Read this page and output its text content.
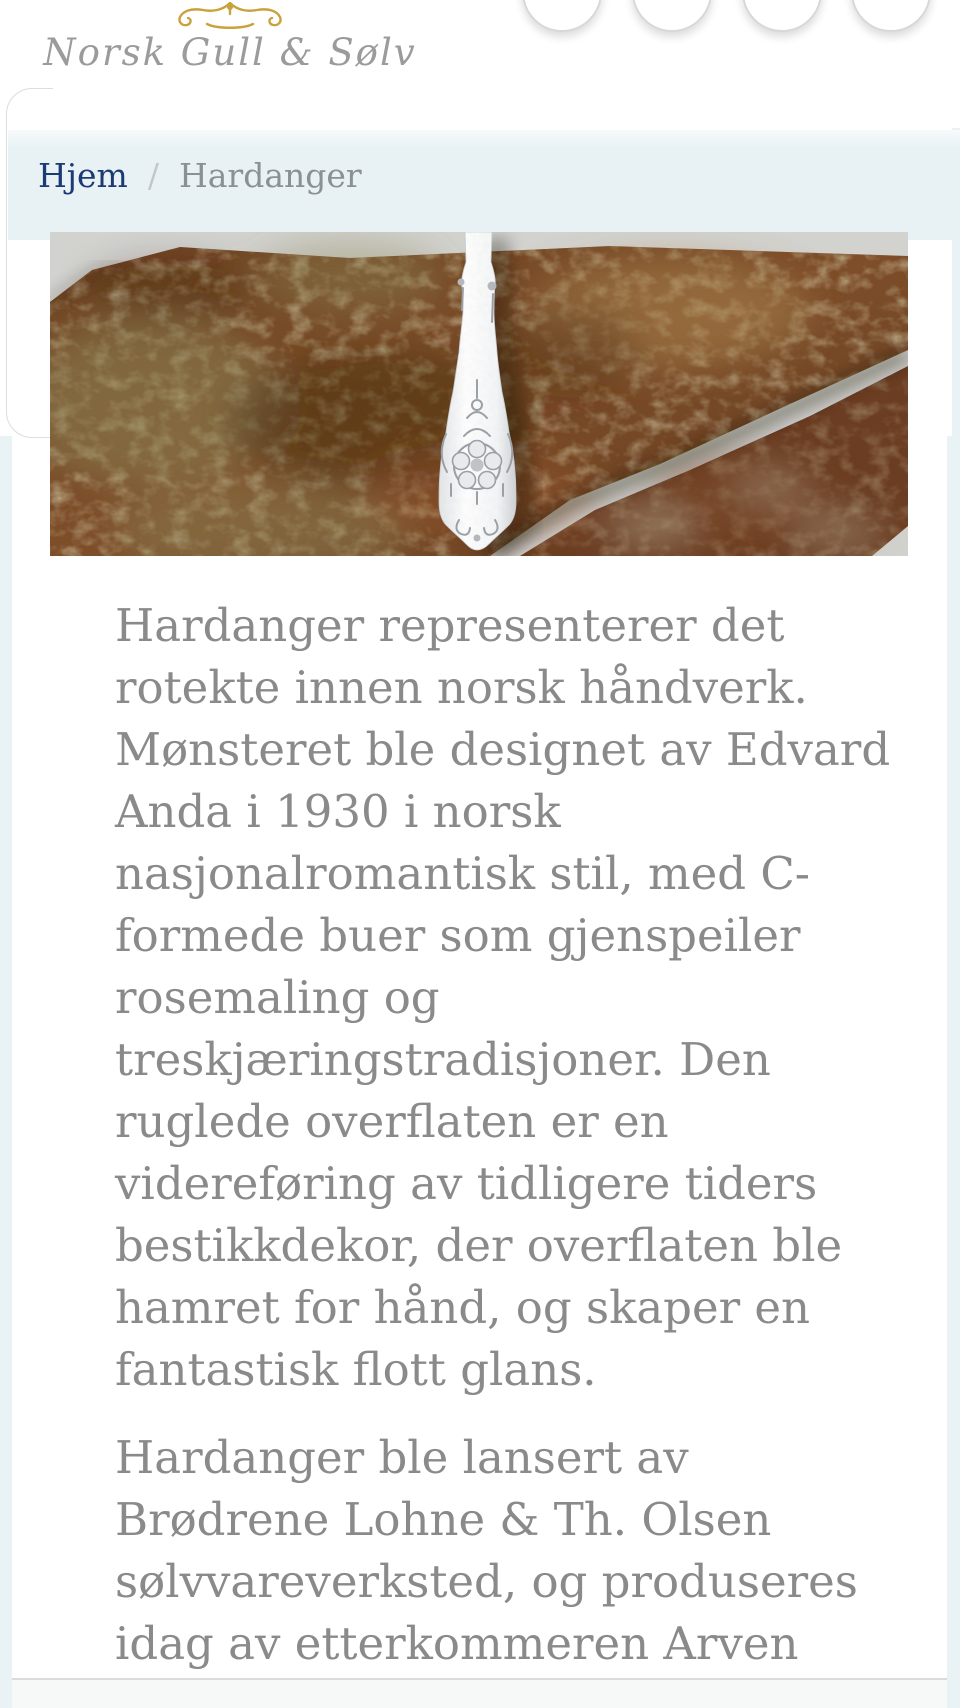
Norsk Gull & Sølv
Hjem / Hardanger

Hardanger representerer det
rotekte innen norsk håndverk.
Mønsteret ble designet av Edvard
Anda i 1930 i norsk
nasjonalromantisk stil, med C-
formede buer som gjenspeiler
rosemaling og
treskjæringstradisjoner. Den
ruglede overflaten er en
videreføring av tidligere tiders
bestikkdekor, der overflaten ble
hamret for hånd, og skaper en
fantastisk flott glans.

Hardanger ble lansert av
Brødrene Lohne & Th. Olsen
sølvvareverksted, og produseres
idag av etterkommeren Arven
